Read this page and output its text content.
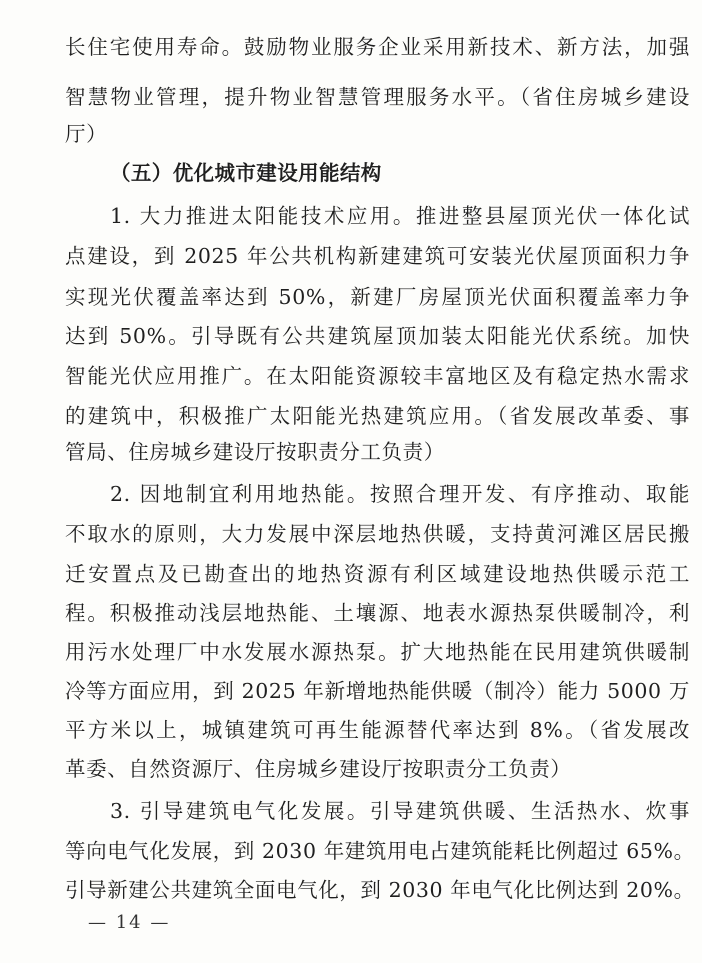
长住宅使用寿命。鼓励物业服务企业采用新技术、新方法，加强
智慧物业管理，提升物业智慧管理服务水平。（省住房城乡建设
厅）
（五）优化城市建设用能结构
1. 大力推进太阳能技术应用。推进整县屋顶光伏一体化试
点建设，到 2025 年公共机构新建建筑可安装光伏屋顶面积力争
实现光伏覆盖率达到 50%，新建厂房屋顶光伏面积覆盖率力争
达到 50%。引导既有公共建筑屋顶加装太阳能光伏系统。加快
智能光伏应用推广。在太阳能资源较丰富地区及有稳定热水需求
的建筑中，积极推广太阳能光热建筑应用。（省发展改革委、事
管局、住房城乡建设厅按职责分工负责）
2. 因地制宜利用地热能。按照合理开发、有序推动、取能
不取水的原则，大力发展中深层地热供暖，支持黄河滩区居民搬
迁安置点及已勘查出的地热资源有利区域建设地热供暖示范工
程。积极推动浅层地热能、土壤源、地表水源热泵供暖制冷，利
用污水处理厂中水发展水源热泵。扩大地热能在民用建筑供暖制
冷等方面应用，到 2025 年新增地热能供暖（制冷）能力 5000 万
平方米以上，城镇建筑可再生能源替代率达到 8%。（省发展改
革委、自然资源厅、住房城乡建设厅按职责分工负责）
3. 引导建筑电气化发展。引导建筑供暖、生活热水、炊事
等向电气化发展，到 2030 年建筑用电占建筑能耗比例超过 65%。
引导新建公共建筑全面电气化，到 2030 年电气化比例达到 20%。
— 14 —
